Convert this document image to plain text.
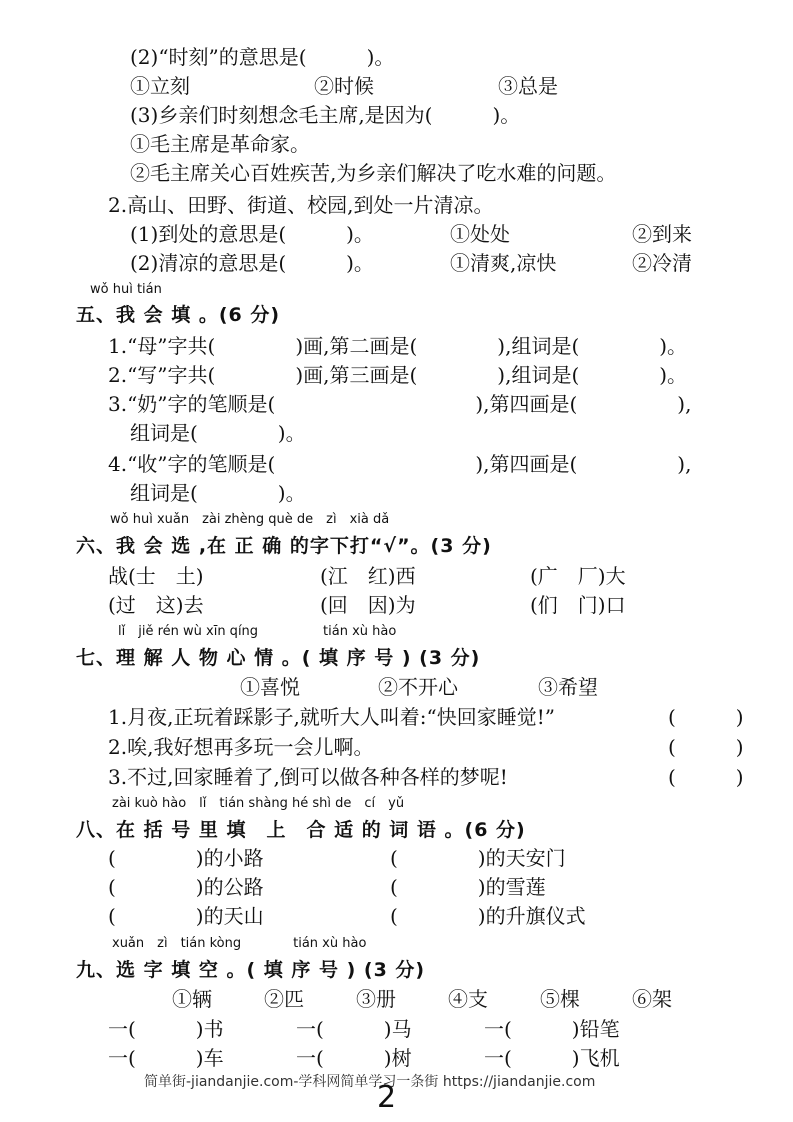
(2)“时刻”的意思是(　　　)。
①立刻	②时候	③总是
(3)乡亲们时刻想念毛主席,是因为(　　　)。
①毛主席是革命家。
②毛主席关心百姓疾苦,为乡亲们解决了吃水难的问题。
2.高山、田野、街道、校园,到处一片清凉。
(1)到处的意思是(　　　)。	①处处	②到来
(2)清凉的意思是(　　　)。	①清爽,凉快	②冷清
wǒ huì tián
五、我 会 填 。(6 分)
1.“母”字共(　　　　)画,第二画是(　　　　),组词是(　　　　)。
2.“写”字共(　　　　)画,第三画是(　　　　),组词是(　　　　)。
3.“奶”字的笔顺是(　　　　　　　　　　),第四画是(　　　　　),
组词是(　　　　)。
4.“收”字的笔顺是(　　　　　　　　　　),第四画是(　　　　　),
组词是(　　　　)。
wǒ huì xuǎn　zài zhèng què de　zì　xià dǎ
六、我 会 选 ,在 正 确 的字下打“√”。(3 分)
战(士　土)	(江　红)西	(广　厂)大
(过　这)去	(回　因)为	(们　门)口
lǐ　jiě rén wù xīn qíng　　　　　tián xù hào
七、理 解 人 物 心 情 。( 填 序 号 ) (3 分)
①喜悦	②不开心	③希望
1.月夜,正玩着踩影子,就听大人叫着:“快回家睡觉!”	(　　　)
2.唉,我好想再多玩一会儿啊。	(　　　)
3.不过,回家睡着了,倒可以做各种各样的梦呢!	(　　　)
zài kuò hào　lǐ　tián shàng hé shì de　cí　yǔ
八、在 括 号 里 填　上　合 适 的 词 语 。(6 分)
(　　　　)的小路	(　　　　)的天安门
(　　　　)的公路	(　　　　)的雪莲
(　　　　)的天山	(　　　　)的升旗仪式
xuǎn　zì　tián kòng　　　　tián xù hào
九、选 字 填 空 。( 填 序 号 ) (3 分)
①辆	②匹	③册	④支	⑤棵	⑥架
一(　　　)书	一(　　　)马	一(　　　)铅笔
一(　　　)车	一(　　　)树	一(　　　)飞机
简单街-jiandanjie.com-学科网简单学习一条街 https://jiandanjie.com
2
